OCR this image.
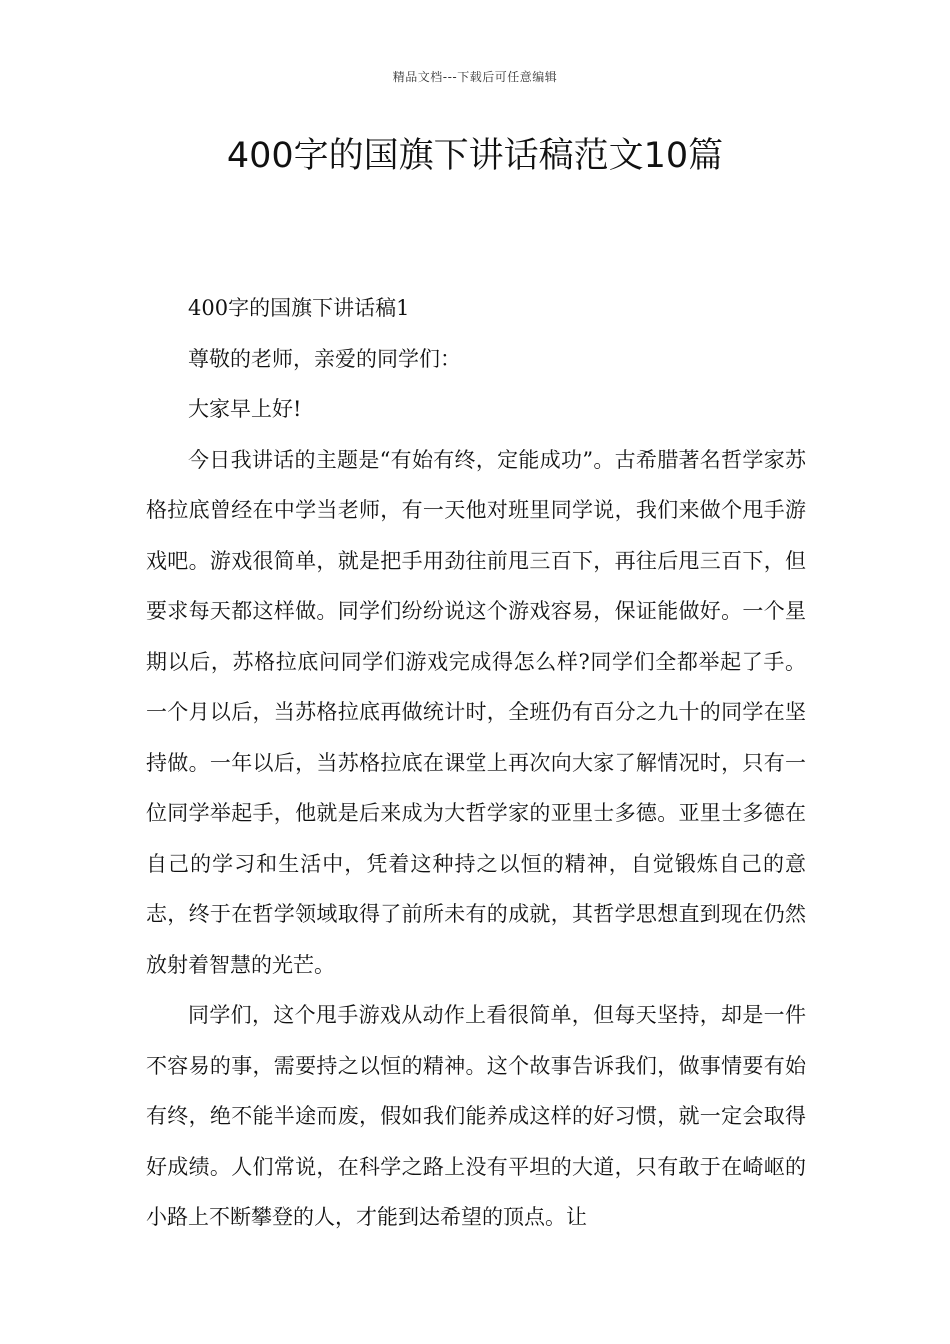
精品文档---下载后可任意编辑
400字的国旗下讲话稿范文10篇

400字的国旗下讲话稿1

尊敬的老师，亲爱的同学们：

大家早上好!

今日我讲话的主题是“有始有终，定能成功”。古希腊著名哲学家苏格拉底曾经在中学当老师，有一天他对班里同学说，我们来做个甩手游戏吧。游戏很简单，就是把手用劲往前甩三百下，再往后甩三百下，但要求每天都这样做。同学们纷纷说这个游戏容易，保证能做好。一个星期以后，苏格拉底问同学们游戏完成得怎么样?同学们全都举起了手。一个月以后，当苏格拉底再做统计时，全班仍有百分之九十的同学在坚持做。一年以后，当苏格拉底在课堂上再次向大家了解情况时，只有一位同学举起手，他就是后来成为大哲学家的亚里士多德。亚里士多德在自己的学习和生活中，凭着这种持之以恒的精神，自觉锻炼自己的意志，终于在哲学领域取得了前所未有的成就，其哲学思想直到现在仍然放射着智慧的光芒。

同学们，这个甩手游戏从动作上看很简单，但每天坚持，却是一件不容易的事，需要持之以恒的精神。这个故事告诉我们，做事情要有始有终，绝不能半途而废，假如我们能养成这样的好习惯，就一定会取得好成绩。人们常说，在科学之路上没有平坦的大道，只有敢于在崎岖的小路上不断攀登的人，才能到达希望的顶点。让
